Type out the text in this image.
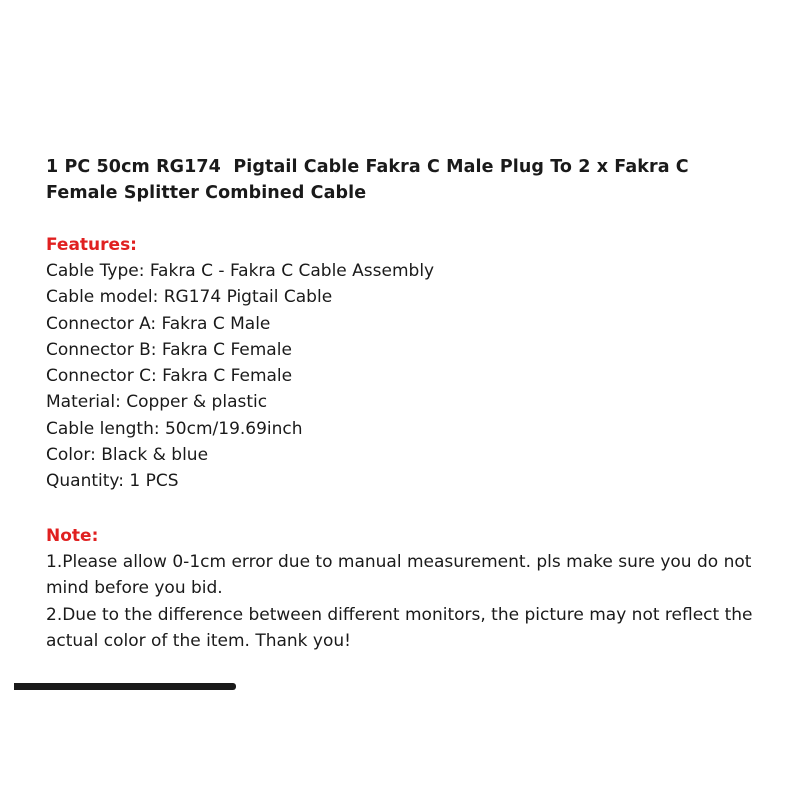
1 PC 50cm RG174  Pigtail Cable Fakra C Male Plug To 2 x Fakra C Female Splitter Combined Cable
Features:
Cable Type: Fakra C - Fakra C Cable Assembly
Cable model: RG174 Pigtail Cable
Connector A: Fakra C Male
Connector B: Fakra C Female
Connector C: Fakra C Female
Material: Copper & plastic
Cable length: 50cm/19.69inch
Color: Black & blue
Quantity: 1 PCS
Note:
1.Please allow 0-1cm error due to manual measurement. pls make sure you do not mind before you bid.
2.Due to the difference between different monitors, the picture may not reflect the actual color of the item. Thank you!
